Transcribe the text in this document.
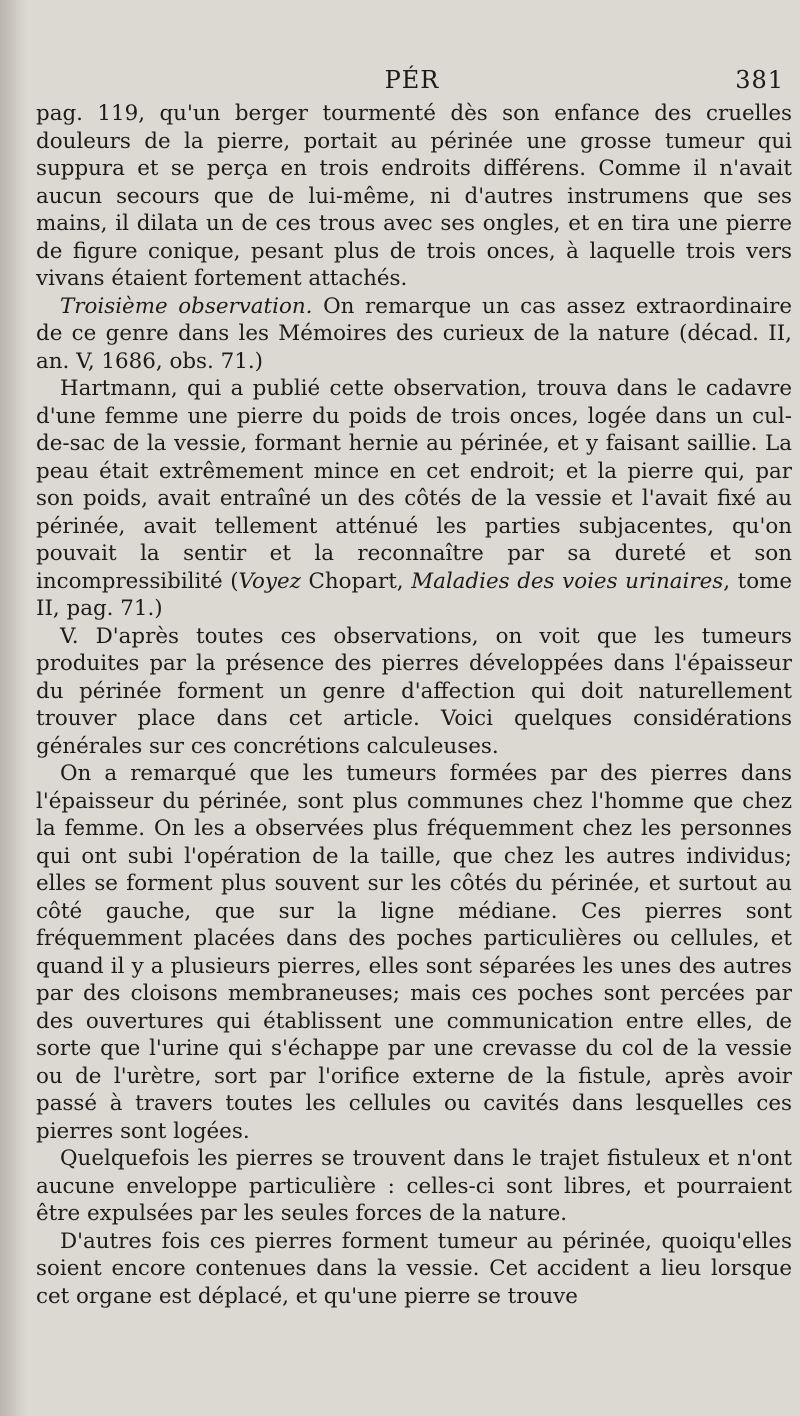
PÉR	381

pag. 119, qu'un berger tourmenté dès son enfance des cruelles douleurs de la pierre, portait au périnée une grosse tumeur qui suppura et se perça en trois endroits différens. Comme il n'avait aucun secours que de lui-même, ni d'autres instrumens que ses mains, il dilata un de ces trous avec ses ongles, et en tira une pierre de figure conique, pesant plus de trois onces, à laquelle trois vers vivans étaient fortement attachés.

Troisième observation. On remarque un cas assez extraordinaire de ce genre dans les Mémoires des curieux de la nature (décad. II, an. V, 1686, obs. 71.)

Hartmann, qui a publié cette observation, trouva dans le cadavre d'une femme une pierre du poids de trois onces, logée dans un cul-de-sac de la vessie, formant hernie au périnée, et y faisant saillie. La peau était extrêmement mince en cet endroit; et la pierre qui, par son poids, avait entraîné un des côtés de la vessie et l'avait fixé au périnée, avait tellement atténué les parties subjacentes, qu'on pouvait la sentir et la reconnaître par sa dureté et son incompressibilité (Voyez Chopart, Maladies des voies urinaires, tome II, pag. 71.)

V. D'après toutes ces observations, on voit que les tumeurs produites par la présence des pierres développées dans l'épaisseur du périnée forment un genre d'affection qui doit naturellement trouver place dans cet article. Voici quelques considérations générales sur ces concrétions calculeuses.

On a remarqué que les tumeurs formées par des pierres dans l'épaisseur du périnée, sont plus communes chez l'homme que chez la femme. On les a observées plus fréquemment chez les personnes qui ont subi l'opération de la taille, que chez les autres individus; elles se forment plus souvent sur les côtés du périnée, et surtout au côté gauche, que sur la ligne médiane. Ces pierres sont fréquemment placées dans des poches particulières ou cellules, et quand il y a plusieurs pierres, elles sont séparées les unes des autres par des cloisons membraneuses; mais ces poches sont percées par des ouvertures qui établissent une communication entre elles, de sorte que l'urine qui s'échappe par une crevasse du col de la vessie ou de l'urètre, sort par l'orifice externe de la fistule, après avoir passé à travers toutes les cellules ou cavités dans lesquelles ces pierres sont logées.

Quelquefois les pierres se trouvent dans le trajet fistuleux et n'ont aucune enveloppe particulière : celles-ci sont libres, et pourraient être expulsées par les seules forces de la nature.

D'autres fois ces pierres forment tumeur au périnée, quoiqu'elles soient encore contenues dans la vessie. Cet accident a lieu lorsque cet organe est déplacé, et qu'une pierre se trouve
